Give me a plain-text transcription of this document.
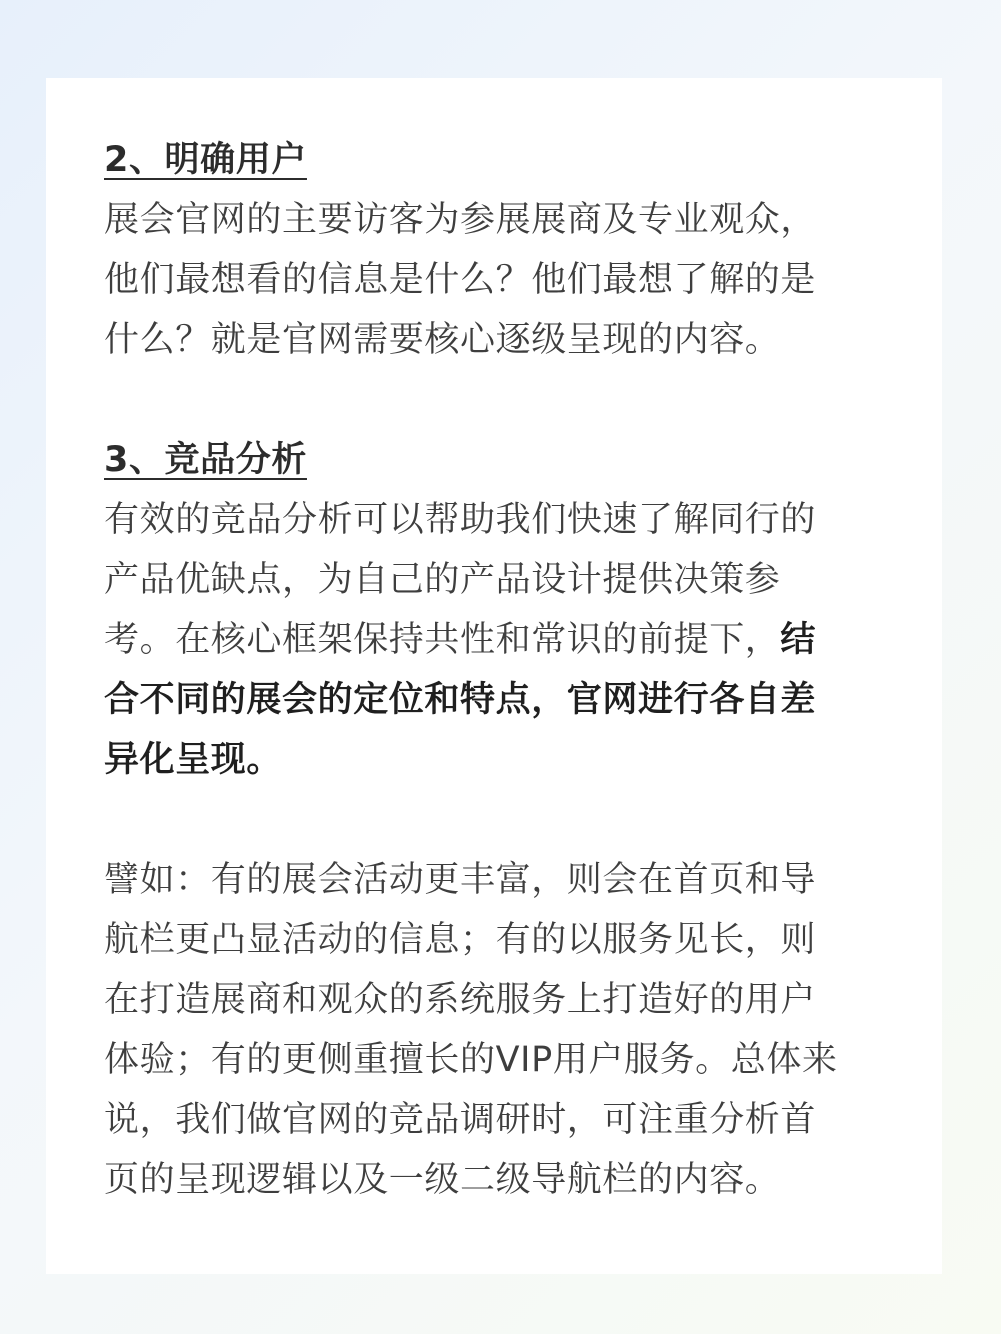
2、明确用户
展会官网的主要访客为参展展商及专业观众，
他们最想看的信息是什么？他们最想了解的是
什么？就是官网需要核心逐级呈现的内容。
3、竞品分析
有效的竞品分析可以帮助我们快速了解同行的
产品优缺点，为自己的产品设计提供决策参
考。在核心框架保持共性和常识的前提下，结
合不同的展会的定位和特点，官网进行各自差
异化呈现。
譬如：有的展会活动更丰富，则会在首页和导
航栏更凸显活动的信息；有的以服务见长，则
在打造展商和观众的系统服务上打造好的用户
体验；有的更侧重擅长的VIP用户服务。总体来
说，我们做官网的竞品调研时，可注重分析首
页的呈现逻辑以及一级二级导航栏的内容。
